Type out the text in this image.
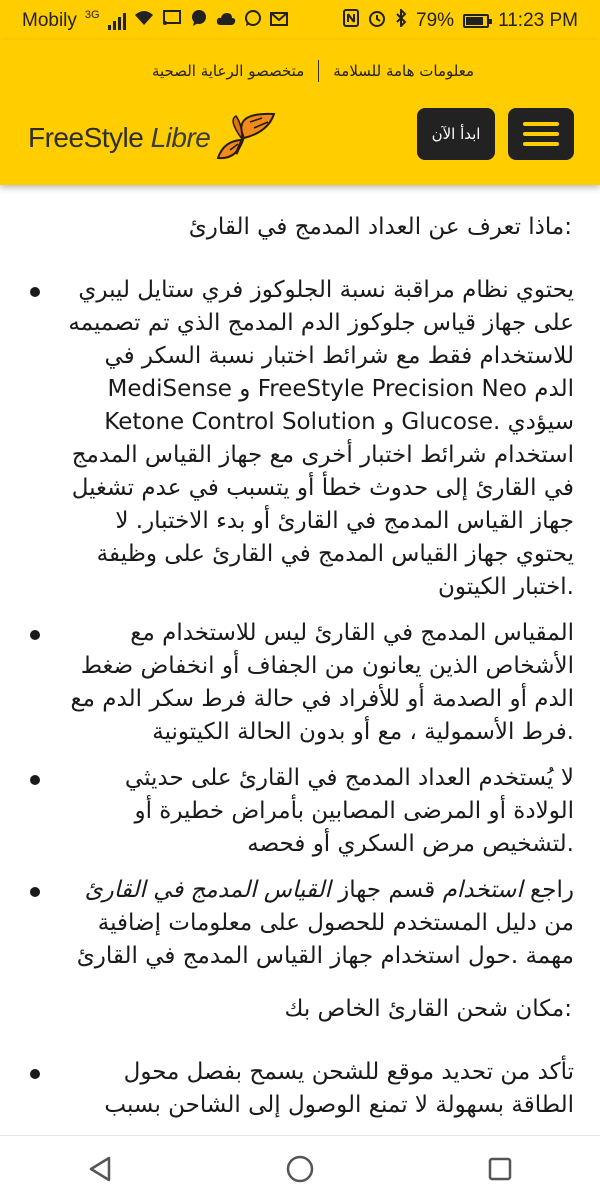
Mobily 3G	79% 11:23 PM
معلومات هامة للسلامة
متخصصو الرعاية الصحية
FreeStyle Libre	ابدأ الآن
:ماذا تعرف عن العداد المدمج في القارئ
يحتوي نظام مراقبة نسبة الجلوكوز فري ستايل ليبري على جهاز قياس جلوكوز الدم المدمج الذي تم تصميمه للاستخدام فقط مع شرائط اختبار نسبة السكر في الدم FreeStyle Precision Neo و MediSense سيؤدي .Glucose و Ketone Control Solution استخدام شرائط اختبار أخرى مع جهاز القياس المدمج في القارئ إلى حدوث خطأ أو يتسبب في عدم تشغيل جهاز القياس المدمج في القارئ أو بدء الاختبار. لا يحتوي جهاز القياس المدمج في القارئ على وظيفة .اختبار الكيتون
المقياس المدمج في القارئ ليس للاستخدام مع الأشخاص الذين يعانون من الجفاف أو انخفاض ضغط الدم أو الصدمة أو للأفراد في حالة فرط سكر الدم مع .فرط الأسمولية ، مع أو بدون الحالة الكيتونية
لا يُستخدم العداد المدمج في القارئ على حديثي الولادة أو المرضى المصابين بأمراض خطيرة أو .لتشخيص مرض السكري أو فحصه
راجع استخدام قسم جهاز القياس المدمج في القارئ من دليل المستخدم للحصول على معلومات إضافية مهمة .حول استخدام جهاز القياس المدمج في القارئ
:مكان شحن القارئ الخاص بك
تأكد من تحديد موقع للشحن يسمح بفصل محول الطاقة بسهولة لا تمنع الوصول إلى الشاحن بسبب
